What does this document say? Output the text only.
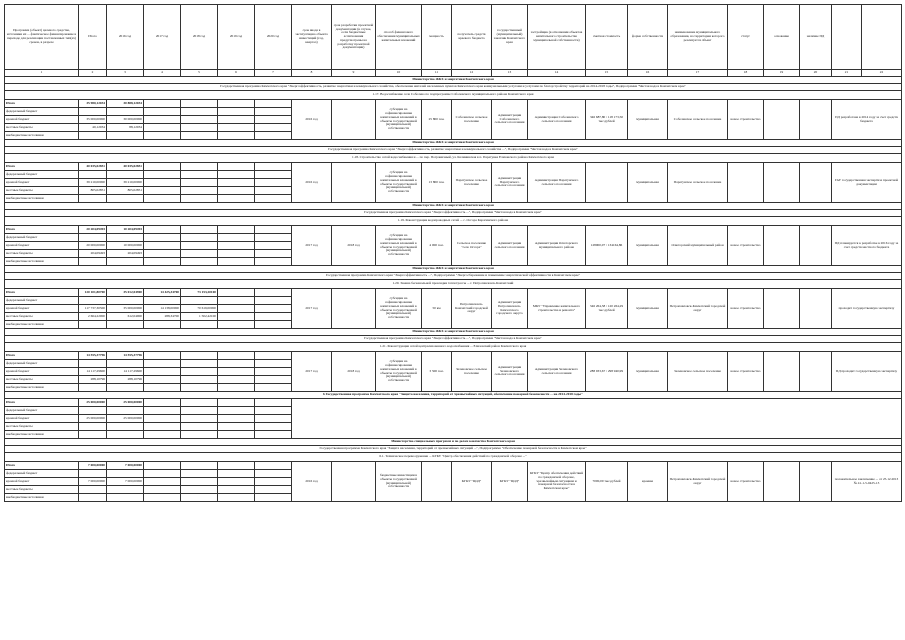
Программа (объект) целевого средства, источники их ... фактическое финансирование в переходе для реализации поставленных тип(ах) сроков, в разрезе	Итого	2016 год	2017 год	2018 год	2019 год	2020 год	срок ввода в эксплуатацию объекта инвестиций (год, квартал)	срок разработки проектной документации (в случае, если бюджетные ассигнования предусмотрены на разработку проектной документации)	способ финансового обеспечения муниципальных капитальных вложений	мощность	получатель средств краевого бюджета	государственный (муниципальный) заказчик Камчатского края	застройщик (в отношении объектов капитального строительства муниципальной собственности)	сметная стоимость	форма собственности	наименование муниципального образования, на территории которого реализуется объект	статус	основание	наличие ПД		
1	2	3	4	5	6	7	8	9	10	11	12	13	14	15	16	17	18	19	20	21	22
Министерство ЖКХ и энергетики Камчатского края																					
Государственная программа Камчатского края "Энергоэффективность, развитие энергетики и коммунального хозяйства, обеспечение жителей населенных пунктов Камчатского края коммунальными услугами и услугами по благоустройству территорий на 2014-2018 годы", Подпрограмма "Чистая вода в Камчатском крае"																					
1.17. Водоснабжение села Соболево по подпрограмме Соболевского муниципального района Камчатского края																					
Итого	35 980,12034	30 888,12034					2016 год		субсидии на софинансирование капитальных вложений в объекты государственной (муниципальной) собственности	25 800 п.м.	Соболевское сельское поселение	Администрация Соболевского сельского поселения	Администрация Соболевского сельского поселения	346 687,80 / 118 173,50 тыс.рублей	муниципальная	Соболевское сельское поселение	новое строительство			ПД разработана в 2014 году за счет средств бюджета	
федеральный бюджет																					
краевой бюджет	35 000,00000	30 000,00000																			
местные бюджеты	40,12034	88,12034																			
внебюджетные источники																					
Министерство ЖКХ и энергетики Камчатского края																					
Государственная программа Камчатского края "Энергоэффективность, развитие энергетики и коммунального хозяйства ...", Подпрограмма "Чистая вода в Камчатском крае"																					
1.18. Строительство сетей водоснабжения и ... по пер. Пограничный, ул. Калининская в п. Паратунка Елизовского района Камчатского края																					
Итого	40 035,02851	40 035,02851					2016 год		субсидии на софинансирование капитальных вложений в объекты государственной (муниципальной) собственности	13 800 п.м.	Паратунское сельское поселение	Администрация Паратунского сельского поселения	Администрация Паратунского сельского поселения		муниципальная	Паратунское сельское поселение				ГАУ государственная экспертиза проектной документации	
федеральный бюджет																					
краевой бюджет	39 210,00000	39 210,00000																			
местные бюджеты	805,02851	805,02851																			
внебюджетные источники																					
Министерство ЖКХ и энергетики Камчатского края																					
Государственная программа Камчатского края "Энергоэффективность ...", Подпрограмма "Чистая вода в Камчатском крае"																					
1.19. Реконструкция водопроводных сетей ... с. Оссора Карагинского района																					
Итого	20 204,09493	10 204,09493					2017 год	2018 год	субсидии на софинансирование капитальных вложений в объекты государственной (муниципальной) собственности	4 000 п.м.	Сельское поселение "село Оссора"	Администрация сельского поселения	Администрация Олюторского муниципального района	128000,07 / 134164,86	муниципальная	Олюторский муниципальный район	новое строительство			ПД планируется к разработке в 2016 году за счет средств местного бюджета	
федеральный бюджет																					
краевой бюджет	20 000,00000	10 000,00000																			
местные бюджеты	204,09493	204,09493																			
внебюджетные источники																					
Министерство ЖКХ и энергетики Камчатского края																					
Государственная программа Камчатского края "Энергоэффективность ...", Подпрограмма "Энергосбережение и повышение энергетической эффективности в Камчатском крае"																					
1.20. Замена бесканальной прокладки теплотрассы ... г. Петропавловск-Камчатский																					
Итого	120 101,80700	35 012,04900	14 425,34700	73 153,20100			2017 год		субсидии на софинансирование капитальных вложений в объекты государственной (муниципальной) собственности	50 км	Петропавловск-Камчатский городской округ	Администрация Петропавловск-Камчатского городского округа	МКУ "Управление капитального строительства и ремонта"	346 264,38 / 120 264,29 тыс.рублей	муниципальная	Петропавловск-Камчатский городской округ	новое строительство			проходит государственную экспертизу	
федеральный бюджет																					
краевой бюджет	117 737,30500	35 000,00000	14 138,00000	70 619,00000																	
местные бюджеты	2 664,22000	612,04900	288,34700	1 502,42100																	
внебюджетные источники																					
Министерство ЖКХ и энергетики Камчатского края																					
Государственная программа Камчатского края "Энергоэффективность ...", Подпрограмма "Чистая вода в Камчатском крае"																					
1.21. Реконструкция сетей централизованного водоснабжения ... Елизовский район Камчатского края																					
Итого	14 555,37796	14 555,37796					2017 год	2018 год	субсидии на софинансирование капитальных вложений в объекты государственной (муниципальной) собственности	3 500 п.м.	Зеленовское сельское поселение	Администрация Зеленовского сельского поселения	Администрация Зеленовского сельского поселения	288 933,67 / 298 940,99	муниципальная	Зеленовское сельское поселение	новое строительство			ПД проходит государственную экспертизу	
федеральный бюджет																					
краевой бюджет	14 117,29600	14 117,29600																			
местные бюджеты	288,10796	288,10796																			
внебюджетные источники																					
6 Государственная программа Камчатского края "Защита населения, территорий от чрезвычайных ситуаций, обеспечение пожарной безопасности ... на 2014-2018 годы"																					
Итого	25 000,00000	25 000,00000																			
федеральный бюджет																					
краевой бюджет	25 000,00000	25 000,00000																			
местные бюджеты																					
внебюджетные источники																					
Министерство специальных программ и по делам казачества Камчатского края																					
Государственная программа Камчатского края "Защита населения, территорий от чрезвычайных ситуаций ...", Подпрограмма "Обеспечение пожарной безопасности в Камчатском крае"																					
6.1. Техническое перевооружение ... КГКУ "Центр обеспечения действий по гражданской обороне ..."																					
Итого	7 000,00000	7 000,00000					2016 год		бюджетные инвестиции в объекты государственной (муниципальной) собственности		КГКУ "ЦОД"	КГКУ "ЦОД"	КГКУ "Центр обеспечения действий по гражданской обороне, чрезвычайным ситуациям и пожарной безопасности в Камчатском крае"	7000,00 тыс.рублей	краевая	Петропавловск-Камчатский городской округ	новое строительство			положительное заключение ... от 25.12.2013 № 41-1-5-0425-13	
федеральный бюджет																					
краевой бюджет	7 000,00000	7 000,00000																			
местные бюджеты																					
внебюджетные источники																					
